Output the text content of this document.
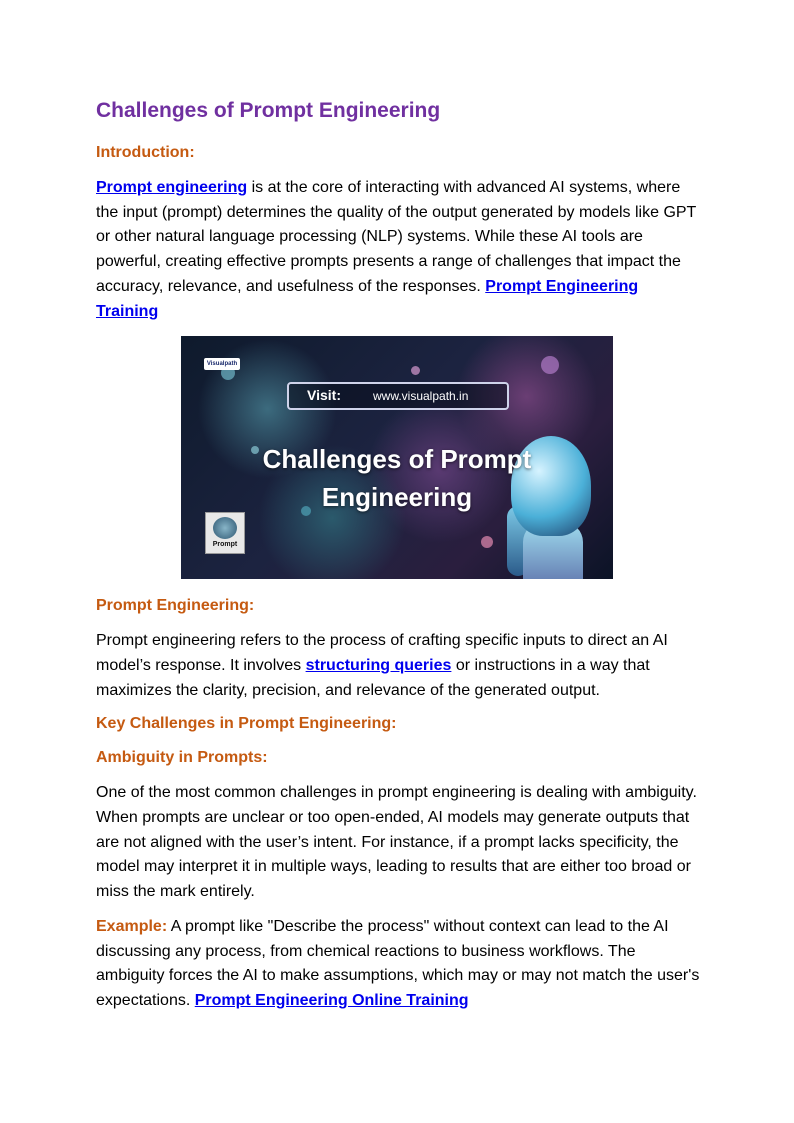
Challenges of Prompt Engineering
Introduction:
Prompt engineering is at the core of interacting with advanced AI systems, where the input (prompt) determines the quality of the output generated by models like GPT or other natural language processing (NLP) systems. While these AI tools are powerful, creating effective prompts presents a range of challenges that impact the accuracy, relevance, and usefulness of the responses. Prompt Engineering Training
Visualpath
Visit:	www.visualpath.in
Challenges of Prompt
Engineering
Prompt
Prompt Engineering:
Prompt engineering refers to the process of crafting specific inputs to direct an AI model’s response. It involves structuring queries or instructions in a way that maximizes the clarity, precision, and relevance of the generated output.
Key Challenges in Prompt Engineering:
Ambiguity in Prompts:
One of the most common challenges in prompt engineering is dealing with ambiguity. When prompts are unclear or too open-ended, AI models may generate outputs that are not aligned with the user’s intent. For instance, if a prompt lacks specificity, the model may interpret it in multiple ways, leading to results that are either too broad or miss the mark entirely.
Example: A prompt like "Describe the process" without context can lead to the AI discussing any process, from chemical reactions to business workflows. The ambiguity forces the AI to make assumptions, which may or may not match the user's expectations. Prompt Engineering Online Training
